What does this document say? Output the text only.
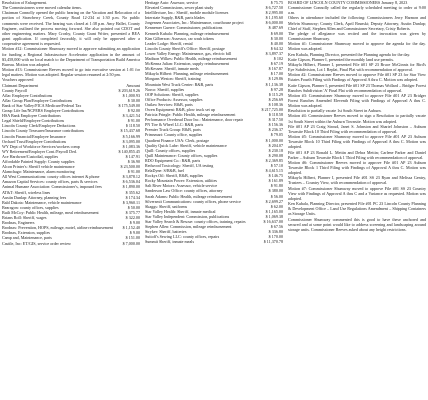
Resolution of Enlargement.

The Commissioners were moved calendar items.

Chairman Connolly opened the public hearing on the Vacation and Relocation of a portion of Strawberry Creek, County Road 12-234 at 1:30 p.m. No public comments were received. The hearing was closed at 1:38 p.m. Amy Hallet, County Engineer, outlined the process moving forward. She also pointed out CDOT and other engineering matters. Mary Crosby, County Grant Writer, presented a BEA grant application. If completed favorably, it will only be approved after a cooperative agreement is requested.

Motion #12: Commissioner Shumway moved to approve submitting an application for funding a Regional Infrastructure Accelerator application in the amount of $3,458,000 with no local match to the Department of Transportation Build America Bureau. Motion was adopted.

Motion #13: Commissioner Reeves moved to go into executive session at 1:01 for legal matters. Motion was adopted. Regular session resumed at 2:50 pm.

Vouchers approved

Claimant Department	Amount
County Payroll	$ 203,619.26
Aflac Employee Contributions	$ 1,000.93
Aflac Group Plan/Employee Contributions	$ 30.00
Bank of Star Valley/FICA Medicare/Federal Tax	$ 175,549.00
Group Life Ins/NCPERS Employee Contributions	$ 92.00
HSA Bank Employee Contributions	$ 3,421.54
Legal Shield/Employee Contributions	$ 91.00
Lincoln County Clerk/Employee Deductions	$ 118.50
Lincoln County Treasurer/Insurance contributions	$ 15,437.68
Lincoln Financial/Employee Insurance	$ 5,166.99
Orchard Trust/Employee Contributions	$ 3,095.00
WY Dept of Workforce Services/workers comp	$ 1,083.36
WY Retirement/Employer Cont./Payroll Ded.	$ 140,855.45
Ace Hardware/Custodial, supplies	$ 147.91
Affordable Painted Supply: County supplies	$ 36.90
Alcon Printer's: Sheriff vehicle maintenance	$ 23,500.00
Alamchago: Maintenance, alarm monitoring	$ 91.00
All West Communications: county offices internet & phone	$ 3,878.12
Amazon Capital Services: county offices, parts & services	$ 6,536.04
Animal Humane Association: Commissioner's, impound fees	$ 1,890.00
AT&T: Sheriff, wireless lines	$ 355.62
Austin Dunlap: Attorney, planning fees	$ 174.34
Bald Dakota: Maintenance, vehicle maintenance	$ 3,960.11
Bearagon: county offices, supplies	$ 50.00
Built McCoy: Public Health, mileage, meal reimbursement	$ 375.77
Brians Roll: Sheriff, wages	$ 322.00
Brodnax, Engineers	$ 9.00
Brodnax: Prevention, HOPS, mileage, motel, airline reimbursement	$ 1,152.40
Brodnax, Extension, supplies	$ 9.00
Camp and, Maintenance, parts	$ 151.00
Castile, Inc: ET/GIS, service order review	$ 7,000.00
Heritage Auto: Assessor, service	$ 75.75
Elevated Commissions, sewer plant study	$ 6,727.50
Intellilecture, Inc.: Sheriff, mobile module licenses	$ 2,995.00
Interstate Supply, R&B, parts blades	$ 1,195.60
Jorgensen Associates, Inc.: Maintenance, courthouse project	$ 6,000.00
Kennemer Guerre: Commissioner, publications	$ 487.69
Kenneth Kubala: Planning, mileage reimbursement	$ 69.00
Kim Gilberson: Assessor, car wash tokens	$ 30.00
Leader Lodge: Sheriff, rental	$ 40.00
Lincoln County Sheriff's Office: Sheriff, postage	$ 64.32
Lower Valley Energy: Maintenance, gas, electric bill	$ 3,897.37
Madison Wilkes: Public Health, mileage reimbursement	$ 102
McKenna Julian: Extension, supply reimbursement	$ 67.19
McKessen: Sheriff, inmate meds	$ 167.87
Mikayla Hilbert: Planning, mileage reimbursement	$ 17.00
Morgans Weston: Sheriff, training	$ 129.86
Mountain West Truck Center: R&B, parts	$ 1,136.38
Norco: Sheriff, supplies	$ 97.28
OOP Solutions: Sheriff, supplies	$ 115.29
Office Products: Assessor, supplies	$ 256.69
Outlaw Services: R&B, parts	$ 108.36
Owen Equipment: R&B, plow truck set up	$ 217,725.00
Patricia Pringle: Public Health, mileage reimbursement	$ 118.58
Performance Overhead Door Inc.: Maintenance, door repair	$ 317.50
PN Tire & Wheel LLC: R&B, parts	$ 156.36
Premier Truck Group: R&B, parts	$ 236.37
Primsmart: County office, supplies	$ 79.05
Quadient Finance USA: Clerk, postage	$ 1,000.00
Quality Quick Lube: Sheriff, vehicle maintenance	$ 204.07
Quill: County offices, supplies	$ 230.18
Quill Maintenance: County offices, supplies	$ 290.08
RDO Equipment Co.: R&B, parts	$ 2,369.85
Redwood Toxicology: Sheriff, UA testing	$ 57.10
RelaDyne: S/R&B, fuel	$ 4,615.15
Rockys Oil: Sheriff, R&B, supplies	$ 146.75
Rocky Mountain Power: Extension, utilities	$ 161.89
Salt River Motors: Assessor, vehicle service	$ 91.80
Sanderson Law Office: county offices, attorney	$ 380.00
Sarah Adams: Public Health, mileage reimbursement	$ 56.00
Silversmit Communications: county offices, phone service	$ 2,699.27
Skaggs: Sheriff, uniforms	$ 62.00
Star Valley Health: Sheriff, inmate medical	$ 1,165.00
Star Valley Independent: Commission, publications	$ 1,069.38
Star Valley Search & Rescue: county offices, training, repairs	$ 16,637.00
Stephen Allen: Commission, mileage reimbursement	$ 67.56
Stryker: Sheriff, batteries	$ 336.80
Suttoff's Sewing LLC: county offices, repairs	$ 170.00
Summit Sheriff, inmate meals	$ 11,370.78

BOARD OF LINCOLN COUNTY COMMISSIONERS January 8, 2023

Commissioner Connolly called the regularly scheduled meeting to order at 9:00 a.m.

Others in attendance included the following: Commissioners Jerry Harmon and Melvin Shumway; County Clerk, April Brunski; Deputy Attorney, Austin Dunlap; Chief of Staff, Stephen Allen and Commissioner Secretary, Cristy Roberts.

The pledge of allegiance was recited and the invocation was given by Commissioner Shumway.

Motion #1: Commissioner Shumway moved to approve the agenda for the day. Motion was adopted.

Ken Kubala, Planning Director, presented the Planning agenda for the day.

Katie Gipson, Planner I, presented the monthly land use permits.

Mikayla Hilbert, Planner I, presented File #01 SP 23 Bruce McGinnis for Bird's Eye Subdivision, Lot 1 Replat, Final Plat with recommendation of approval.

Motion #2: Commissioner Reeves moved to approve File #01 SP 23 for Star View Estates Fourth Filing with Findings of Approval A thru C. Motion was adopted.

Katie Gipson, Planner I, presented File #01 SP 23 Thomas Wollard – Bridger Forest Ranches Subdivision 'A' Final Plat with recommendation of approval.

Motion #3: Commissioner Shumway moved to approve File #01 AP 23 Bridger Forest Ranches Amended Eleventh Filing with Findings of Approval A thru C. Motion was adopted.

Resolution to partially vacate 1st South Street in Auburn.

Motion #4: Commissioner Reeves moved to sign a Resolution to partially vacate 1st South Street within the Auburn Townsite. Motion was adopted.

File #01 AP 23 Craig Stroud, Janet S. Johnston and Shariel Johnston – Auburn Townsite Block 10 Third Filing with recommendation of approval.

Motion #5: Commissioner Shumway moved to approve File #01 AP 23 Auburn Townsite Block 10 Third Filing with Findings of Approval A thru C. Motion was adopted.

File #01 AP 23 Ronald L. Mettin and Debra Mettin; Carlene Parker and Daniel Parker – Auburn Townsite Block 1 Third Filing with recommendation of approval.

Motion #6: Commissioner Reeves moved to approve File #01 AP 23 Auburn Townsite Block 1 Third Filing with Findings of Approval A thru C. Motion was adopted.

Mikayla Hilbert, Planner I, presented File #01 SS 23 Ryan and Melissa Gentry, Trustees – Country View, with recommendation of approval.

Motion #7: Commissioner Shumway moved to approve File #01 SS 23 Country View with Findings of Approval A thru C and a Variance as requested. Motion was adopted.

Ken Kubala, Planning Director, presented File #01 PC 23 Lincoln County Planning & Development Office – Land Use Regulations Amendment – Shipping Containers as Storage Units.

Commissioner Shumway commented this is good to have these anchored and secured and at some point would like to address screening and landscaping around storage units. Commissioner Reeves asked about any height restrictions.
